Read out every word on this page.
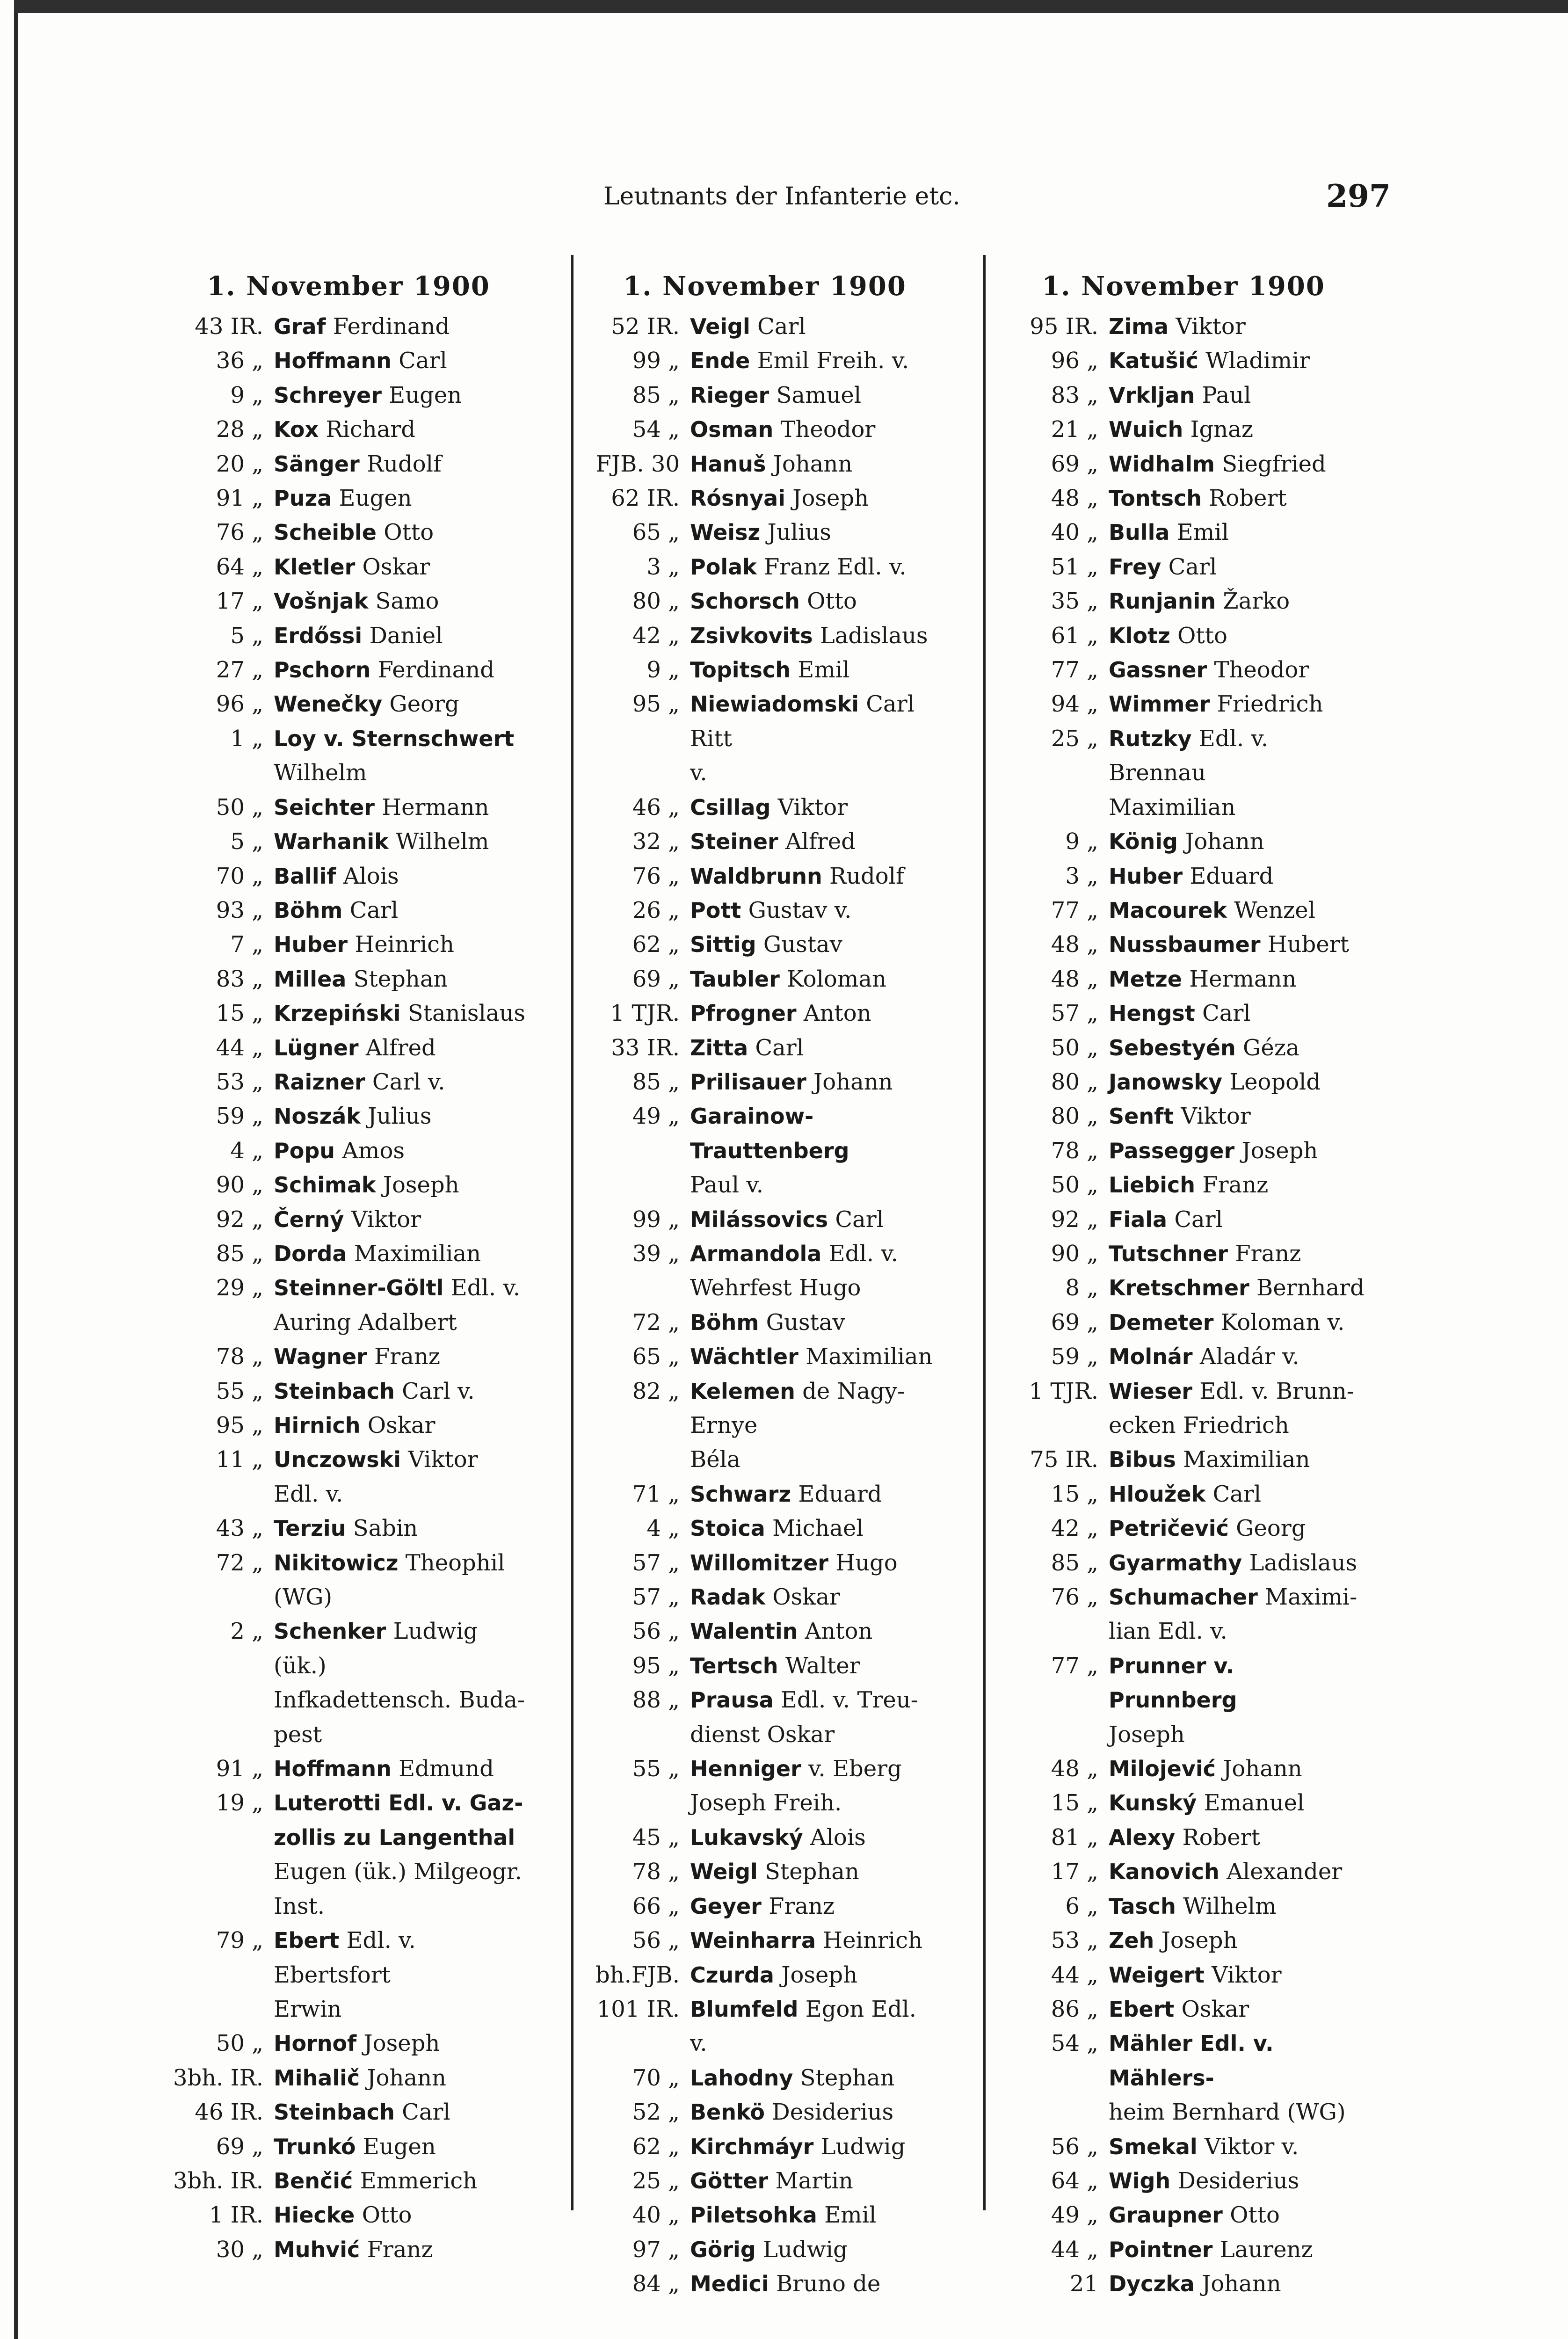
Leutnants der Infanterie etc.	297
1. November 1900
43 IR. Graf Ferdinand
36 „ Hoffmann Carl
9 „ Schreyer Eugen
28 „ Kox Richard
20 „ Sänger Rudolf
91 „ Puza Eugen
76 „ Scheible Otto
64 „ Kletler Oskar
17 „ Vošnjak Samo
5 „ Erdőssi Daniel
27 „ Pschorn Ferdinand
96 „ Wenečky Georg
1 „ Loy v. Sternschwert
Wilhelm
50 „ Seichter Hermann
5 „ Warhanik Wilhelm
70 „ Ballif Alois
93 „ Böhm Carl
7 „ Huber Heinrich
83 „ Millea Stephan
15 „ Krzepiński Stanislaus
44 „ Lügner Alfred
53 „ Raizner Carl v.
59 „ Noszák Julius
4 „ Popu Amos
90 „ Schimak Joseph
92 „ Černý Viktor
85 „ Dorda Maximilian
29 „ Steinner-Göltl Edl. v.
Auring Adalbert
78 „ Wagner Franz
55 „ Steinbach Carl v.
95 „ Hirnich Oskar
11 „ Unczowski Viktor
Edl. v.
43 „ Terziu Sabin
72 „ Nikitowicz Theophil
(WG)
2 „ Schenker Ludwig (ük.)
Infkadettensch. Buda-
pest
91 „ Hoffmann Edmund
19 „ Luterotti Edl. v. Gaz-
zollis zu Langenthal
Eugen (ük.) Milgeogr.
Inst.
79 „ Ebert Edl. v. Ebertsfort
Erwin
50 „ Hornof Joseph
3bh. IR. Mihalič Johann
46 IR. Steinbach Carl
69 „ Trunkó Eugen
3bh. IR. Benčić Emmerich
1 IR. Hiecke Otto
30 „ Muhvić Franz
1. November 1900
52 IR. Veigl Carl
99 „ Ende Emil Freih. v.
85 „ Rieger Samuel
54 „ Osman Theodor
FJB. 30 Hanuš Johann
62 IR. Rósnyai Joseph
65 „ Weisz Julius
3 „ Polak Franz Edl. v.
80 „ Schorsch Otto
42 „ Zsivkovits Ladislaus
9 „ Topitsch Emil
95 „ Niewiadomski Carl Ritt
v.
46 „ Csillag Viktor
32 „ Steiner Alfred
76 „ Waldbrunn Rudolf
26 „ Pott Gustav v.
62 „ Sittig Gustav
69 „ Taubler Koloman
1 TJR. Pfrogner Anton
33 IR. Zitta Carl
85 „ Prilisauer Johann
49 „ Garainow-Trauttenberg
Paul v.
99 „ Milássovics Carl
39 „ Armandola Edl. v.
Wehrfest Hugo
72 „ Böhm Gustav
65 „ Wächtler Maximilian
82 „ Kelemen de Nagy-Ernye
Béla
71 „ Schwarz Eduard
4 „ Stoica Michael
57 „ Willomitzer Hugo
57 „ Radak Oskar
56 „ Walentin Anton
95 „ Tertsch Walter
88 „ Prausa Edl. v. Treu-
dienst Oskar
55 „ Henniger v. Eberg
Joseph Freih.
45 „ Lukavský Alois
78 „ Weigl Stephan
66 „ Geyer Franz
56 „ Weinharra Heinrich
bh.FJB. Czurda Joseph
101 IR. Blumfeld Egon Edl.
v.
70 „ Lahodny Stephan
52 „ Benkö Desiderius
62 „ Kirchmáyr Ludwig
25 „ Götter Martin
40 „ Piletsohka Emil
97 „ Görig Ludwig
84 „ Medici Bruno de
1. November 1900
95 IR. Zima Viktor
96 „ Katušić Wladimir
83 „ Vrkljan Paul
21 „ Wuich Ignaz
69 „ Widhalm Siegfried
48 „ Tontsch Robert
40 „ Bulla Emil
51 „ Frey Carl
35 „ Runjanin Žarko
61 „ Klotz Otto
77 „ Gassner Theodor
94 „ Wimmer Friedrich
25 „ Rutzky Edl. v. Brennau
Maximilian
9 „ König Johann
3 „ Huber Eduard
77 „ Macourek Wenzel
48 „ Nussbaumer Hubert
48 „ Metze Hermann
57 „ Hengst Carl
50 „ Sebestyén Géza
80 „ Janowsky Leopold
80 „ Senft Viktor
78 „ Passegger Joseph
50 „ Liebich Franz
92 „ Fiala Carl
90 „ Tutschner Franz
8 „ Kretschmer Bernhard
69 „ Demeter Koloman v.
59 „ Molnár Aladár v.
1 TJR. Wieser Edl. v. Brunn-
ecken Friedrich
75 IR. Bibus Maximilian
15 „ Hloužek Carl
42 „ Petričević Georg
85 „ Gyarmathy Ladislaus
76 „ Schumacher Maximi-
lian Edl. v.
77 „ Prunner v. Prunnberg
Joseph
48 „ Milojević Johann
15 „ Kunský Emanuel
81 „ Alexy Robert
17 „ Kanovich Alexander
6 „ Tasch Wilhelm
53 „ Zeh Joseph
44 „ Weigert Viktor
86 „ Ebert Oskar
54 „ Mähler Edl. v. Mählers-
heim Bernhard (WG)
56 „ Smekal Viktor v.
64 „ Wigh Desiderius
49 „ Graupner Otto
44 „ Pointner Laurenz
21 Dyczka Johann
